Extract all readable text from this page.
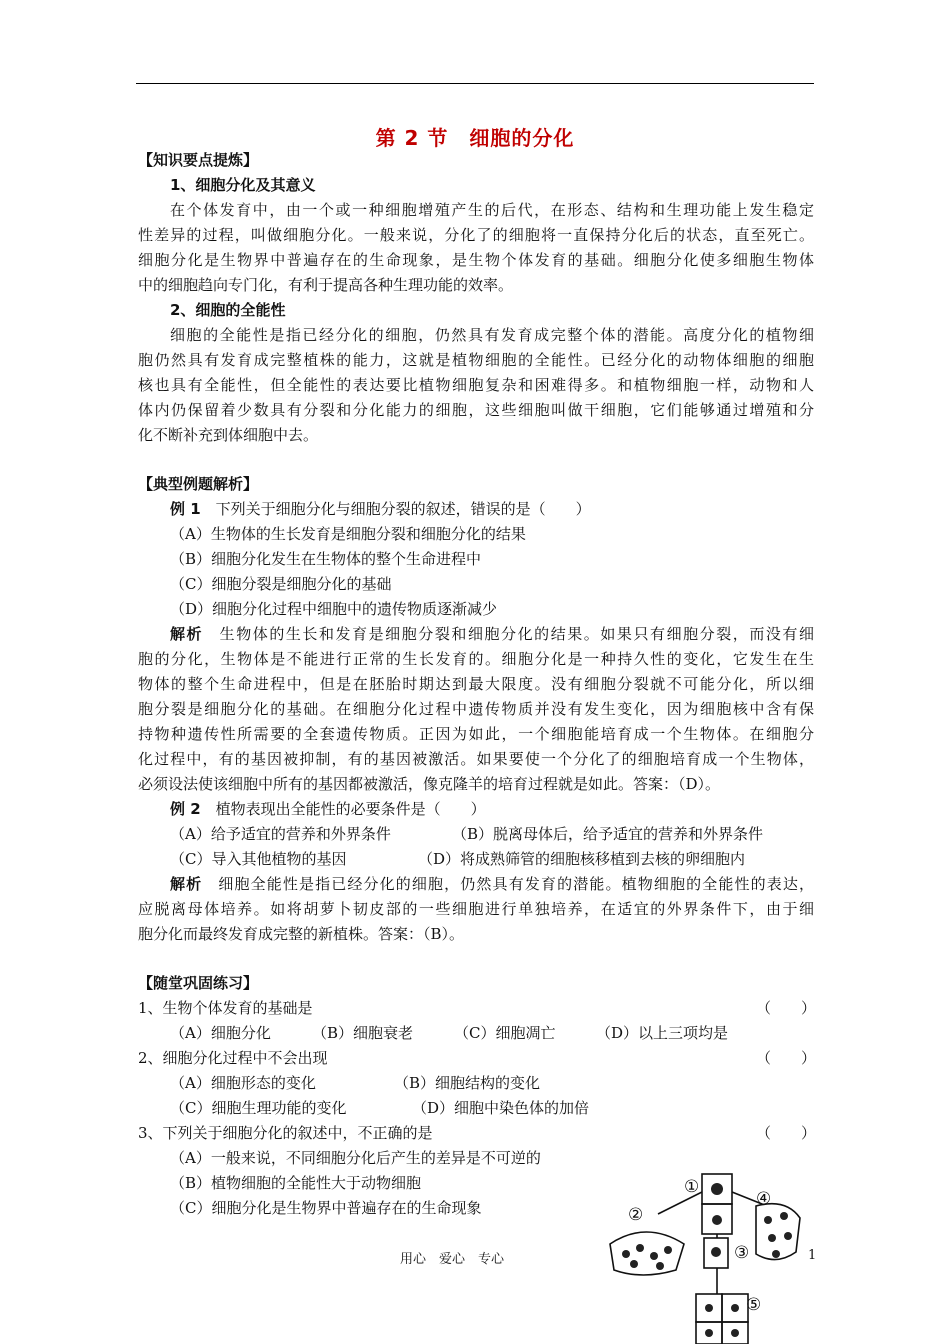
第 2 节　细胞的分化
【知识要点提炼】
1、细胞分化及其意义
在个体发育中，由一个或一种细胞增殖产生的后代，在形态、结构和生理功能上发生稳定
性差异的过程，叫做细胞分化。一般来说，分化了的细胞将一直保持分化后的状态，直至死亡。
细胞分化是生物界中普遍存在的生命现象，是生物个体发育的基础。细胞分化使多细胞生物体
中的细胞趋向专门化，有利于提高各种生理功能的效率。
2、细胞的全能性
细胞的全能性是指已经分化的细胞，仍然具有发育成完整个体的潜能。高度分化的植物细
胞仍然具有发育成完整植株的能力，这就是植物细胞的全能性。已经分化的动物体细胞的细胞
核也具有全能性，但全能性的表达要比植物细胞复杂和困难得多。和植物细胞一样，动物和人
体内仍保留着少数具有分裂和分化能力的细胞，这些细胞叫做干细胞，它们能够通过增殖和分
化不断补充到体细胞中去。
【典型例题解析】
例 1　下列关于细胞分化与细胞分裂的叙述，错误的是（　　）
（A）生物体的生长发育是细胞分裂和细胞分化的结果
（B）细胞分化发生在生物体的整个生命进程中
（C）细胞分裂是细胞分化的基础
（D）细胞分化过程中细胞中的遗传物质逐渐减少
解析　生物体的生长和发育是细胞分裂和细胞分化的结果。如果只有细胞分裂，而没有细
胞的分化，生物体是不能进行正常的生长发育的。细胞分化是一种持久性的变化，它发生在生
物体的整个生命进程中，但是在胚胎时期达到最大限度。没有细胞分裂就不可能分化，所以细
胞分裂是细胞分化的基础。在细胞分化过程中遗传物质并没有发生变化，因为细胞核中含有保
持物种遗传性所需要的全套遗传物质。正因为如此，一个细胞能培育成一个生物体。在细胞分
化过程中，有的基因被抑制，有的基因被激活。如果要使一个分化了的细胞培育成一个生物体，
必须设法使该细胞中所有的基因都被激活，像克隆羊的培育过程就是如此。答案：（D）。
例 2　植物表现出全能性的必要条件是（　　）
（A）给予适宜的营养和外界条件	（B）脱离母体后，给予适宜的营养和外界条件
（C）导入其他植物的基因	（D）将成熟筛管的细胞核移植到去核的卵细胞内
解析　细胞全能性是指已经分化的细胞，仍然具有发育的潜能。植物细胞的全能性的表达，
应脱离母体培养。如将胡萝卜韧皮部的一些细胞进行单独培养，在适宜的外界条件下，由于细
胞分化而最终发育成完整的新植株。答案：（B）。
【随堂巩固练习】
1、生物个体发育的基础是	（　　）
（A）细胞分化	（B）细胞衰老	（C）细胞凋亡	（D）以上三项均是
2、细胞分化过程中不会出现	（　　）
（A）细胞形态的变化	（B）细胞结构的变化
（C）细胞生理功能的变化	（D）细胞中染色体的加倍
3、下列关于细胞分化的叙述中，不正确的是	（　　）
（A）一般来说，不同细胞分化后产生的差异是不可逆的
（B）植物细胞的全能性大于动物细胞
（C）细胞分化是生物界中普遍存在的生命现象
①
②
③
④
⑤
用心　爱心　专心	1
